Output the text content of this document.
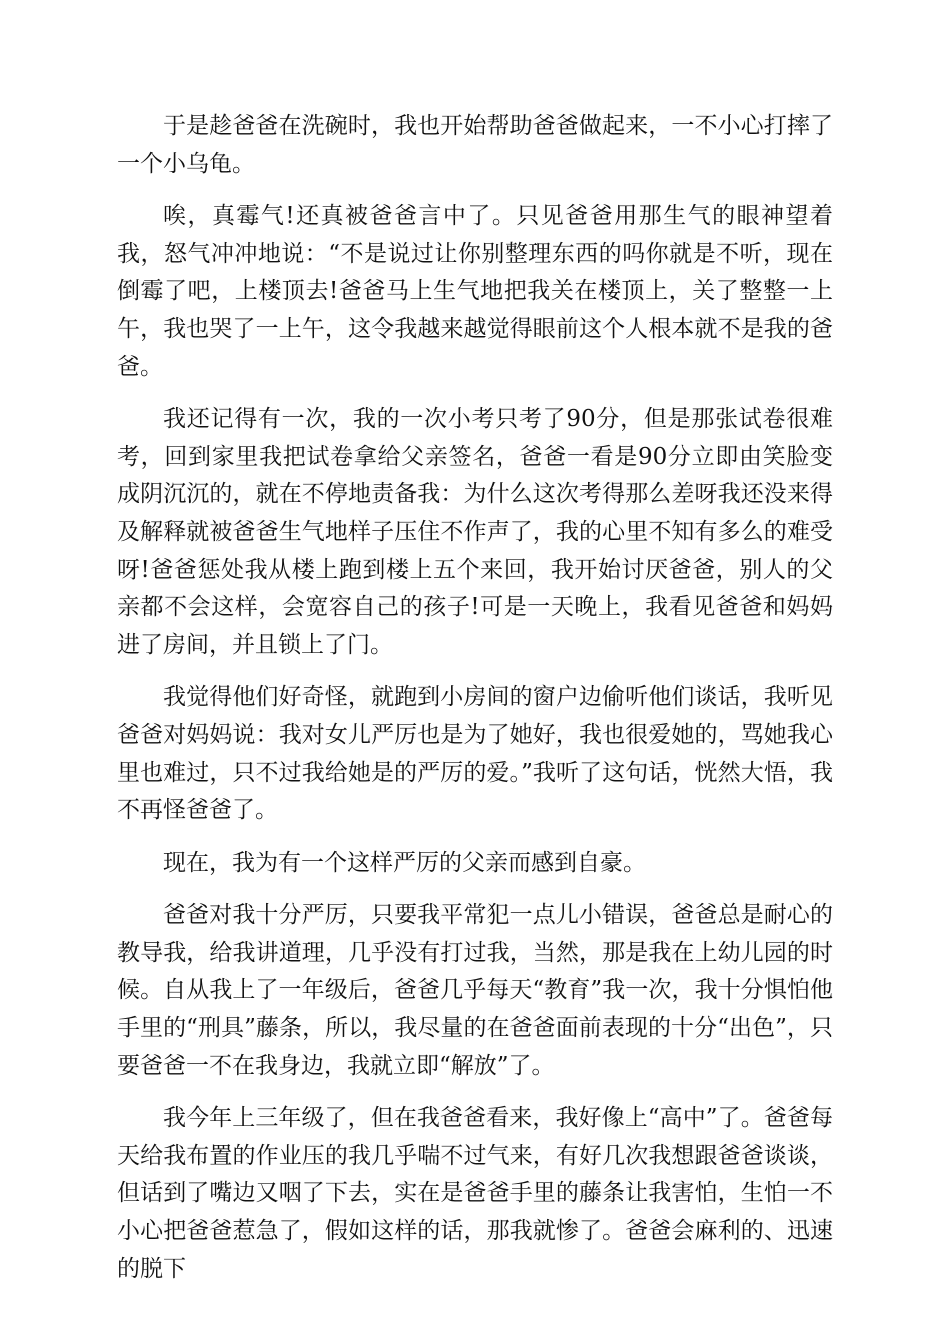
于是趁爸爸在洗碗时，我也开始帮助爸爸做起来，一不小心打摔了一个小乌龟。

唉，真霉气!还真被爸爸言中了。只见爸爸用那生气的眼神望着我，怒气冲冲地说：“不是说过让你别整理东西的吗你就是不听，现在倒霉了吧，上楼顶去!爸爸马上生气地把我关在楼顶上，关了整整一上午，我也哭了一上午，这令我越来越觉得眼前这个人根本就不是我的爸爸。

我还记得有一次，我的一次小考只考了90分，但是那张试卷很难考，回到家里我把试卷拿给父亲签名，爸爸一看是90分立即由笑脸变成阴沉沉的，就在不停地责备我：为什么这次考得那么差呀我还没来得及解释就被爸爸生气地样子压住不作声了，我的心里不知有多么的难受呀!爸爸惩处我从楼上跑到楼上五个来回，我开始讨厌爸爸，别人的父亲都不会这样，会宽容自己的孩子!可是一天晚上，我看见爸爸和妈妈进了房间，并且锁上了门。

我觉得他们好奇怪，就跑到小房间的窗户边偷听他们谈话，我听见爸爸对妈妈说：我对女儿严厉也是为了她好，我也很爱她的，骂她我心里也难过，只不过我给她是的严厉的爱。”我听了这句话，恍然大悟，我不再怪爸爸了。

现在，我为有一个这样严厉的父亲而感到自豪。

爸爸对我十分严厉，只要我平常犯一点儿小错误，爸爸总是耐心的教导我，给我讲道理，几乎没有打过我，当然，那是我在上幼儿园的时候。自从我上了一年级后，爸爸几乎每天“教育”我一次，我十分惧怕他手里的“刑具”藤条，所以，我尽量的在爸爸面前表现的十分“出色”，只要爸爸一不在我身边，我就立即“解放”了。

我今年上三年级了，但在我爸爸看来，我好像上“高中”了。爸爸每天给我布置的作业压的我几乎喘不过气来，有好几次我想跟爸爸谈谈，但话到了嘴边又咽了下去，实在是爸爸手里的藤条让我害怕，生怕一不小心把爸爸惹急了，假如这样的话，那我就惨了。爸爸会麻利的、迅速的脱下
